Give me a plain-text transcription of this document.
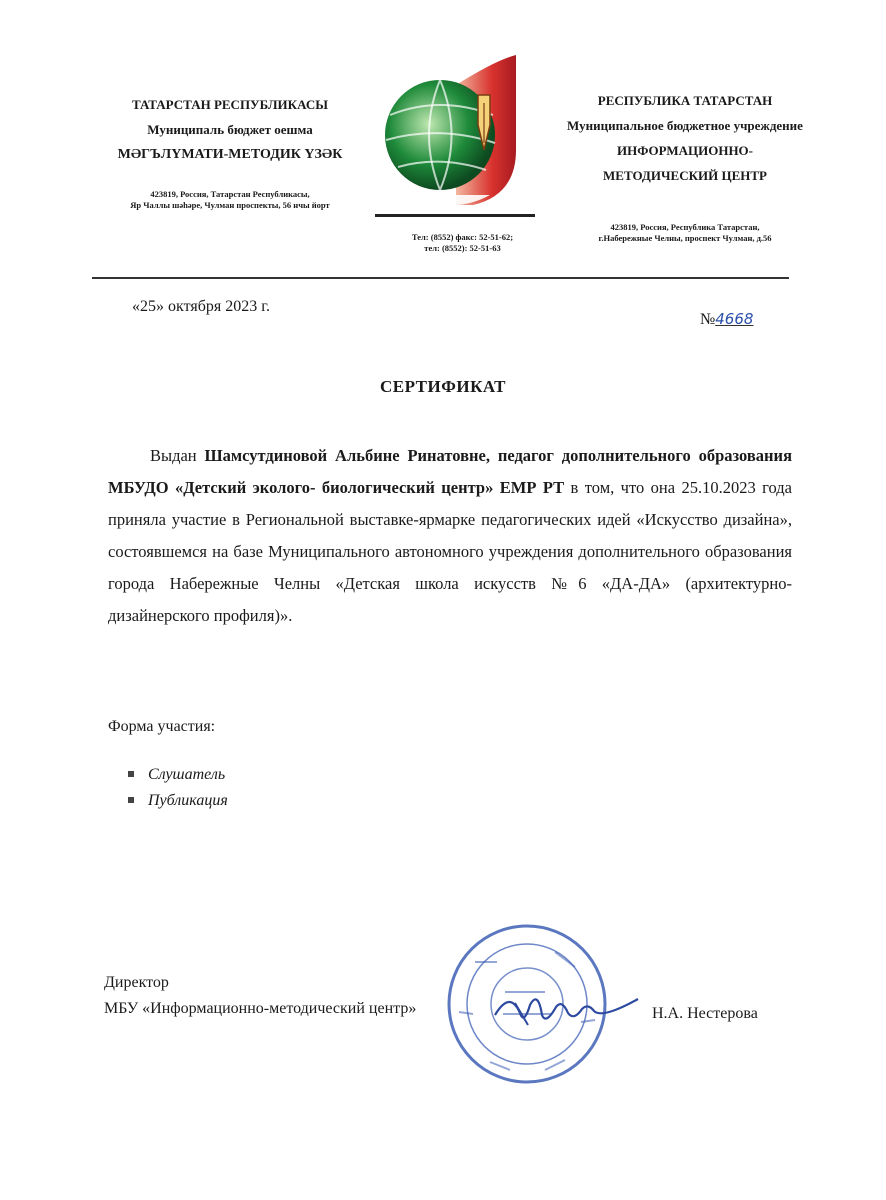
ТАТАРСТАН РЕСПУБЛИКАСЫ
Муниципаль бюджет оешма
МӘГЪЛҮМАТИ-МЕТОДИК ҮЗӘК
423819, Россия, Татарстан Республикасы,
Яр Чаллы шәһәре, Чулман проспекты, 56 нчы йорт
Тел: (8552) факс: 52-51-62;
тел: (8552): 52-51-63
РЕСПУБЛИКА ТАТАРСТАН
Муниципальное бюджетное учреждение
ИНФОРМАЦИОННО-
МЕТОДИЧЕСКИЙ ЦЕНТР
423819, Россия, Республика Татарстан,
г.Набережные Челны, проспект Чулман, д.56
«25» октября 2023 г.
№4668
СЕРТИФИКАТ
Выдан Шамсутдиновой Альбине Ринатовне, педагог дополнительного образования МБУДО «Детский эколого- биологический центр» ЕМР РТ в том, что она 25.10.2023 года приняла участие в Региональной выставке-ярмарке педагогических идей «Искусство дизайна», состоявшемся на базе Муниципального автономного учреждения дополнительного образования города Набережные Челны «Детская школа искусств №6 «ДА-ДА» (архитектурно-дизайнерского профиля)».
Форма участия:
Слушатель
Публикация
Директор
МБУ «Информационно-методический центр»	Н.А. Нестерова
